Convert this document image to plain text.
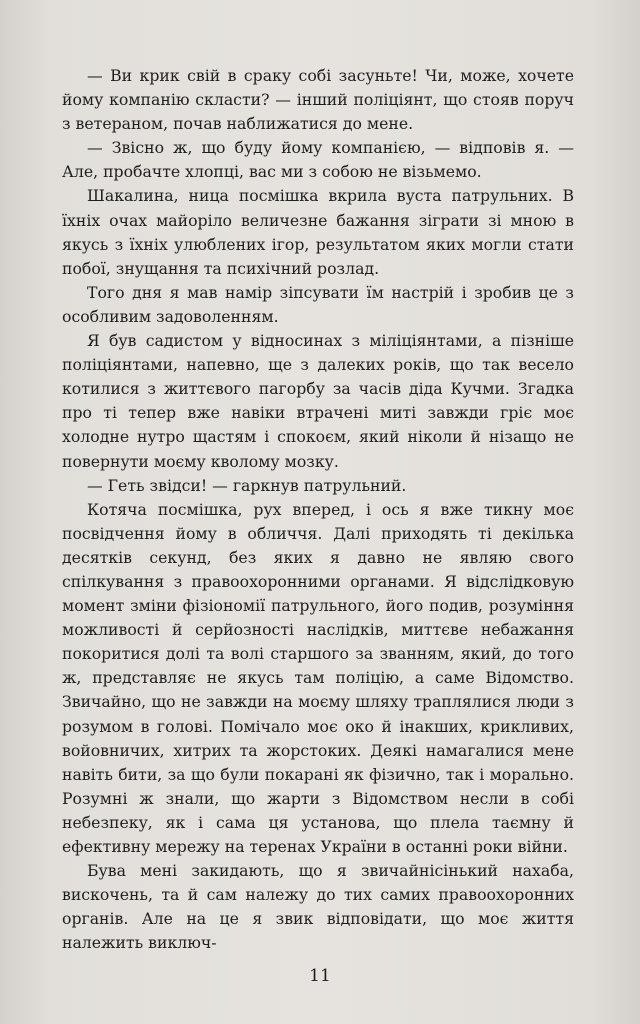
— Ви крик свій в сраку собі засуньте! Чи, може, хочете йому компанію скласти? — інший поліціянт, що стояв поруч з ветераном, почав наближатися до мене.

— Звісно ж, що буду йому компанією, — відповів я. — Але, пробачте хлопці, вас ми з собою не візьмемо.

Шакалина, ница посмішка вкрила вуста патрульних. В їхніх очах майоріло величезне бажання зіграти зі мною в якусь з їхніх улюблених ігор, результатом яких могли стати побої, знущання та психічний розлад.

Того дня я мав намір зіпсувати їм настрій і зробив це з особливим задоволенням.

Я був садистом у відносинах з міліціянтами, а пізніше поліціянтами, напевно, ще з далеких років, що так весело котилися з життєвого пагорбу за часів діда Кучми. Згадка про ті тепер вже навіки втрачені миті завжди гріє моє холодне нутро щастям і спокоєм, який ніколи й нізащо не повернути моєму кволому мозку.

— Геть звідси! — гаркнув патрульний.

Котяча посмішка, рух вперед, і ось я вже тикну моє посвідчення йому в обличчя. Далі приходять ті декілька десятків секунд, без яких я давно не являю свого спілкування з правоохоронними органами. Я відслідковую момент зміни фізіономії патрульного, його подив, розуміння можливості й серйозності наслідків, миттєве небажання покоритися долі та волі старшого за званням, який, до того ж, представляє не якусь там поліцію, а саме Відомство. Звичайно, що не завжди на моєму шляху траплялися люди з розумом в голові. Помічало моє око й інакших, крикливих, войовничих, хитрих та жорстоких. Деякі намагалися мене навіть бити, за що були покарані як фізично, так і морально. Розумні ж знали, що жарти з Відомством несли в собі небезпеку, як і сама ця установа, що плела таємну й ефективну мережу на теренах України в останні роки війни.

Бува мені закидають, що я звичайнісінький нахаба, вискочень, та й сам належу до тих самих правоохоронних органів. Але на це я звик відповідати, що моє життя належить виключ-

11
